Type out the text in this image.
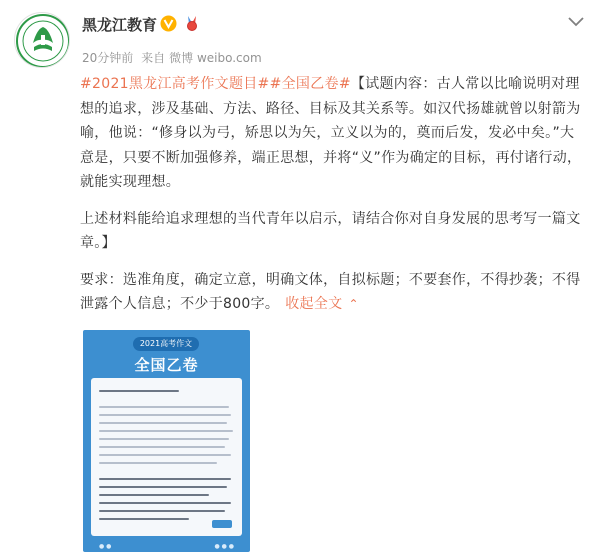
黑龙江教育
20分钟前 来自 微博 weibo.com

#2021黑龙江高考作文题目##全国乙卷#【试题内容：古人常以比喻说明对理想的追求，涉及基础、方法、路径、目标及其关系等。如汉代扬雄就曾以射箭为喻，他说：“修身以为弓，矫思以为矢，立义以为的，奠而后发，发必中矣。”大意是，只要不断加强修养，端正思想，并将“义”作为确定的目标，再付诸行动，就能实现理想。

上述材料能给追求理想的当代青年以启示，请结合你对自身发展的思考写一篇文章。】

要求：选准角度，确定立意，明确文体，自拟标题；不要套作，不得抄袭；不得泄露个人信息；不少于800字。 收起全文 ⌃

2021高考作文
全国乙卷
● ●	● ● ●
